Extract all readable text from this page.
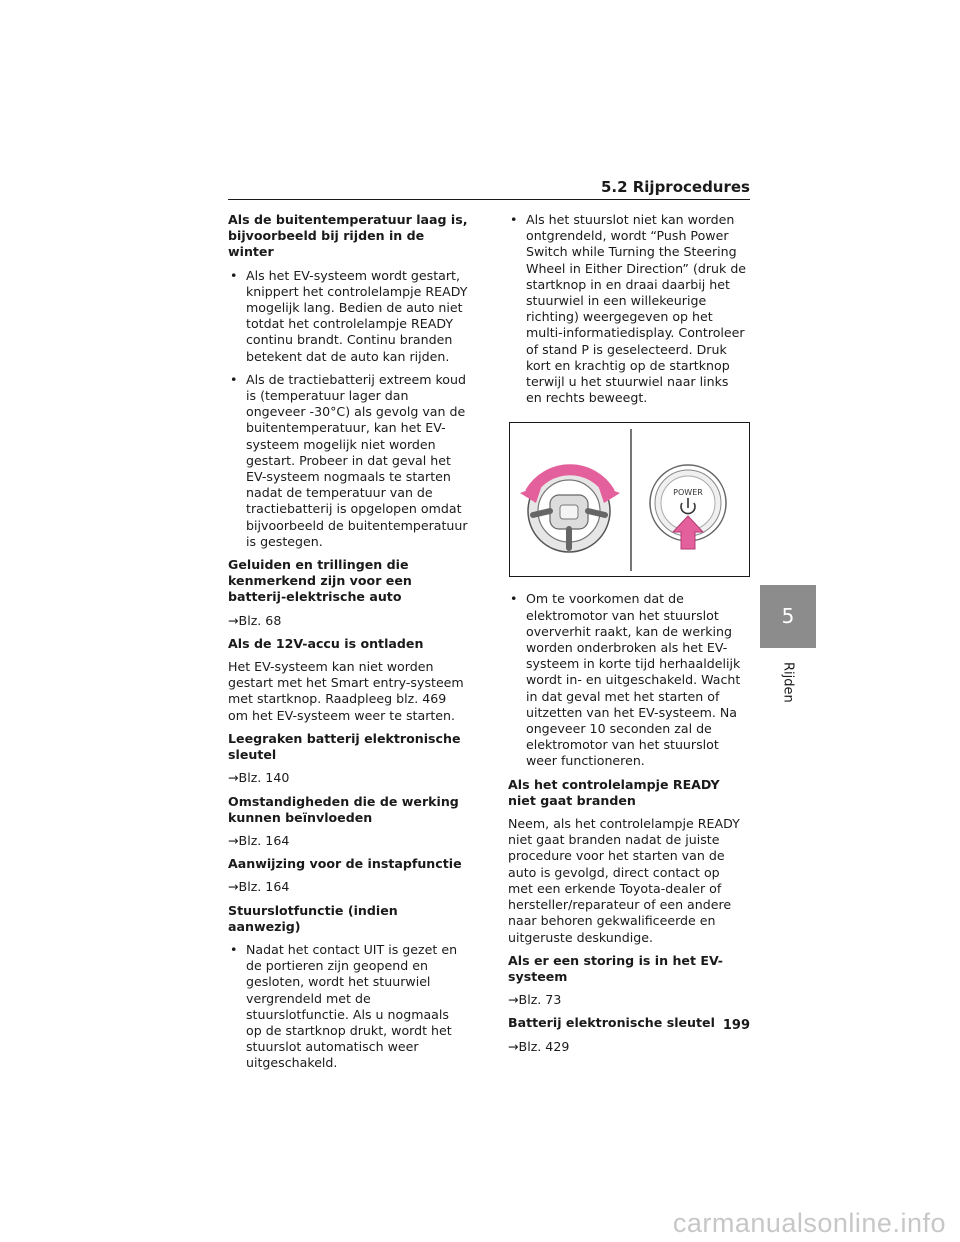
5.2 Rijprocedures
Als de buitentemperatuur laag is, bijvoorbeeld bij rijden in de winter
• Als het EV-systeem wordt gestart, knippert het controlelampje READY mogelijk lang. Bedien de auto niet totdat het controlelampje READY continu brandt. Continu branden betekent dat de auto kan rijden.
• Als de tractiebatterij extreem koud is (temperatuur lager dan ongeveer -30°C) als gevolg van de buitentemperatuur, kan het EV-systeem mogelijk niet worden gestart. Probeer in dat geval het EV-systeem nogmaals te starten nadat de temperatuur van de tractiebatterij is opgelopen omdat bijvoorbeeld de buitentemperatuur is gestegen.
Geluiden en trillingen die kenmerkend zijn voor een batterij-elektrische auto
→Blz. 68
Als de 12V-accu is ontladen
Het EV-systeem kan niet worden gestart met het Smart entry-systeem met startknop. Raadpleeg blz. 469 om het EV-systeem weer te starten.
Leegraken batterij elektronische sleutel
→Blz. 140
Omstandigheden die de werking kunnen beïnvloeden
→Blz. 164
Aanwijzing voor de instapfunctie
→Blz. 164
Stuurslotfunctie (indien aanwezig)
• Nadat het contact UIT is gezet en de portieren zijn geopend en gesloten, wordt het stuurwiel vergrendeld met de stuurslotfunctie. Als u nogmaals op de startknop drukt, wordt het stuurslot automatisch weer uitgeschakeld.
• Als het stuurslot niet kan worden ontgrendeld, wordt “Push Power Switch while Turning the Steering Wheel in Either Direction” (druk de startknop in en draai daarbij het stuurwiel in een willekeurige richting) weergegeven op het multi-informatiedisplay. Controleer of stand P is geselecteerd. Druk kort en krachtig op de startknop terwijl u het stuurwiel naar links en rechts beweegt.
POWER
• Om te voorkomen dat de elektromotor van het stuurslot oververhit raakt, kan de werking worden onderbroken als het EV-systeem in korte tijd herhaaldelijk wordt in- en uitgeschakeld. Wacht in dat geval met het starten of uitzetten van het EV-systeem. Na ongeveer 10 seconden zal de elektromotor van het stuurslot weer functioneren.
Als het controlelampje READY niet gaat branden
Neem, als het controlelampje READY niet gaat branden nadat de juiste procedure voor het starten van de auto is gevolgd, direct contact op met een erkende Toyota-dealer of hersteller/reparateur of een andere naar behoren gekwalificeerde en uitgeruste deskundige.
Als er een storing is in het EV-systeem
→Blz. 73
Batterij elektronische sleutel
→Blz. 429
5
Rijden
199
carmanualsonline.info
